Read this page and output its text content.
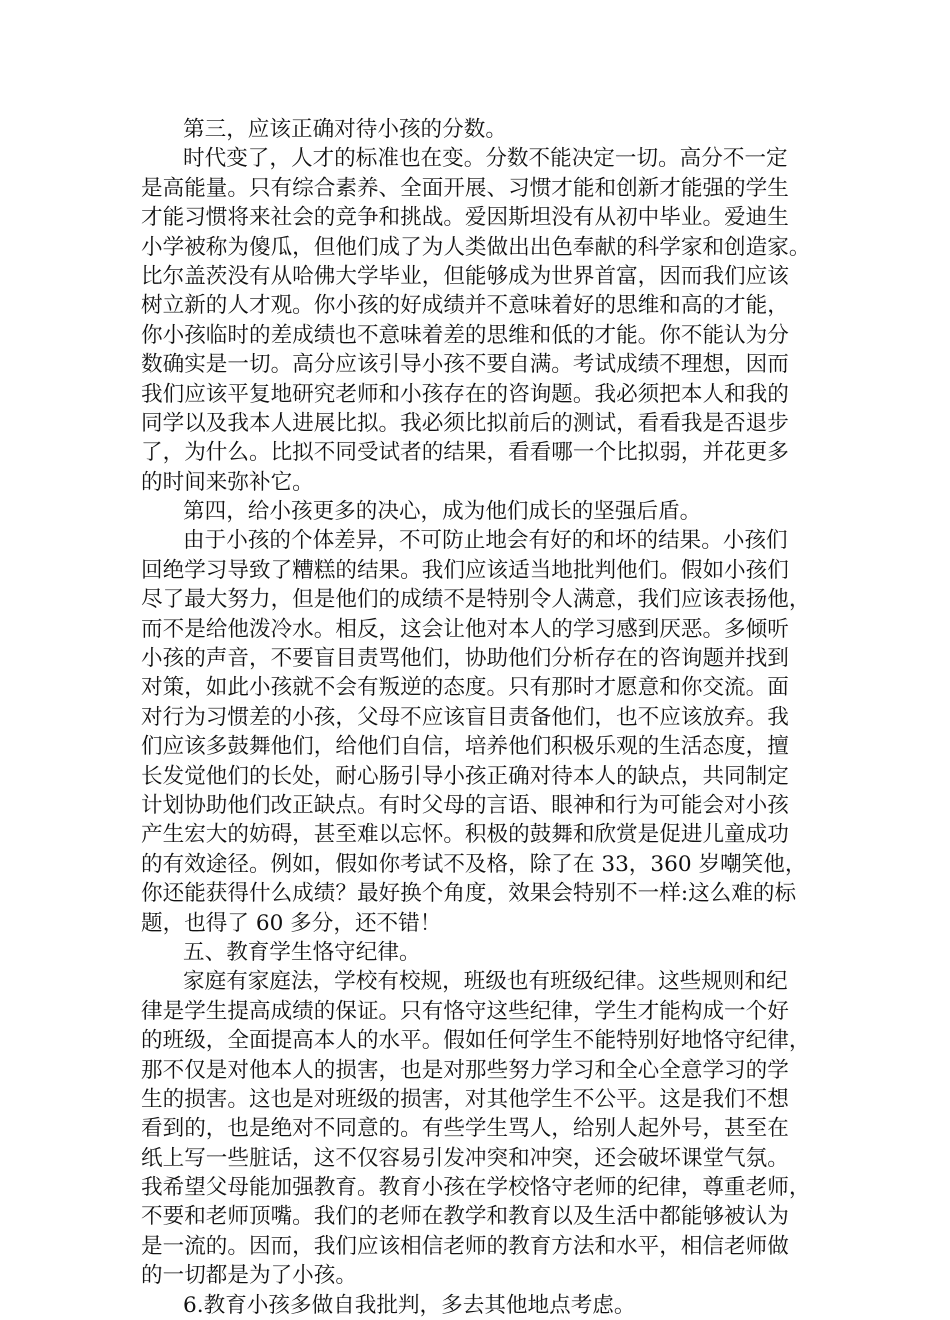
第三，应该正确对待小孩的分数。
时代变了，人才的标准也在变。分数不能决定一切。高分不一定
是高能量。只有综合素养、全面开展、习惯才能和创新才能强的学生
才能习惯将来社会的竞争和挑战。爱因斯坦没有从初中毕业。爱迪生
小学被称为傻瓜，但他们成了为人类做出出色奉献的科学家和创造家。
比尔盖茨没有从哈佛大学毕业，但能够成为世界首富，因而我们应该
树立新的人才观。你小孩的好成绩并不意味着好的思维和高的才能，
你小孩临时的差成绩也不意味着差的思维和低的才能。你不能认为分
数确实是一切。高分应该引导小孩不要自满。考试成绩不理想，因而
我们应该平复地研究老师和小孩存在的咨询题。我必须把本人和我的
同学以及我本人进展比拟。我必须比拟前后的测试，看看我是否退步
了，为什么。比拟不同受试者的结果，看看哪一个比拟弱，并花更多
的时间来弥补它。
第四，给小孩更多的决心，成为他们成长的坚强后盾。
由于小孩的个体差异，不可防止地会有好的和坏的结果。小孩们
回绝学习导致了糟糕的结果。我们应该适当地批判他们。假如小孩们
尽了最大努力，但是他们的成绩不是特别令人满意，我们应该表扬他，
而不是给他泼冷水。相反，这会让他对本人的学习感到厌恶。多倾听
小孩的声音，不要盲目责骂他们，协助他们分析存在的咨询题并找到
对策，如此小孩就不会有叛逆的态度。只有那时才愿意和你交流。面
对行为习惯差的小孩，父母不应该盲目责备他们，也不应该放弃。我
们应该多鼓舞他们，给他们自信，培养他们积极乐观的生活态度，擅
长发觉他们的长处，耐心肠引导小孩正确对待本人的缺点，共同制定
计划协助他们改正缺点。有时父母的言语、眼神和行为可能会对小孩
产生宏大的妨碍，甚至难以忘怀。积极的鼓舞和欣赏是促进儿童成功
的有效途径。例如，假如你考试不及格，除了在 33，360 岁嘲笑他，
你还能获得什么成绩？最好换个角度，效果会特别不一样:这么难的标
题，也得了 60 多分，还不错！
五、教育学生恪守纪律。
家庭有家庭法，学校有校规，班级也有班级纪律。这些规则和纪
律是学生提高成绩的保证。只有恪守这些纪律，学生才能构成一个好
的班级，全面提高本人的水平。假如任何学生不能特别好地恪守纪律，
那不仅是对他本人的损害，也是对那些努力学习和全心全意学习的学
生的损害。这也是对班级的损害，对其他学生不公平。这是我们不想
看到的，也是绝对不同意的。有些学生骂人，给别人起外号，甚至在
纸上写一些脏话，这不仅容易引发冲突和冲突，还会破坏课堂气氛。
我希望父母能加强教育。教育小孩在学校恪守老师的纪律，尊重老师，
不要和老师顶嘴。我们的老师在教学和教育以及生活中都能够被认为
是一流的。因而，我们应该相信老师的教育方法和水平，相信老师做
的一切都是为了小孩。
6.教育小孩多做自我批判，多去其他地点考虑。
